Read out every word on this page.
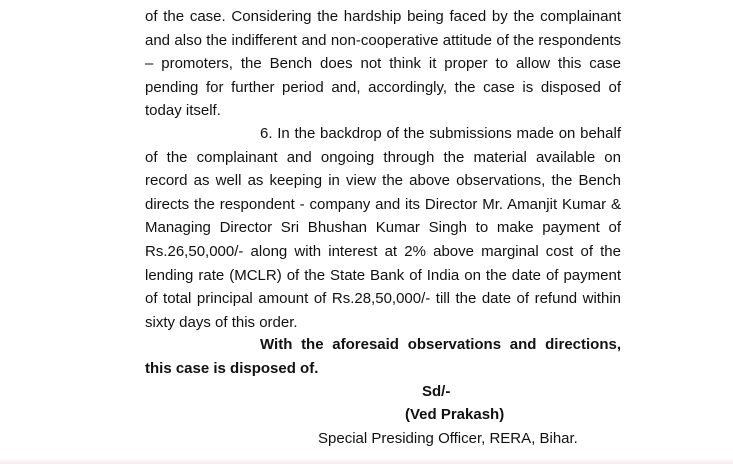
of the case. Considering the hardship being faced by the complainant and also the indifferent and non-cooperative attitude of the respondents – promoters, the Bench does not think it proper to allow this case pending for further period and, accordingly, the case is disposed of today itself.
6. In the backdrop of the submissions made on behalf of the complainant and ongoing through the material available on record as well as keeping in view the above observations, the Bench directs the respondent - company and its Director Mr. Amanjit Kumar & Managing Director Sri Bhushan Kumar Singh to make payment of Rs.26,50,000/- along with interest at 2% above marginal cost of the lending rate (MCLR) of the State Bank of India on the date of payment of total principal amount of Rs.28,50,000/- till the date of refund within sixty days of this order.
With the aforesaid observations and directions, this case is disposed of.
Sd/-
(Ved Prakash)
Special Presiding Officer, RERA, Bihar.
